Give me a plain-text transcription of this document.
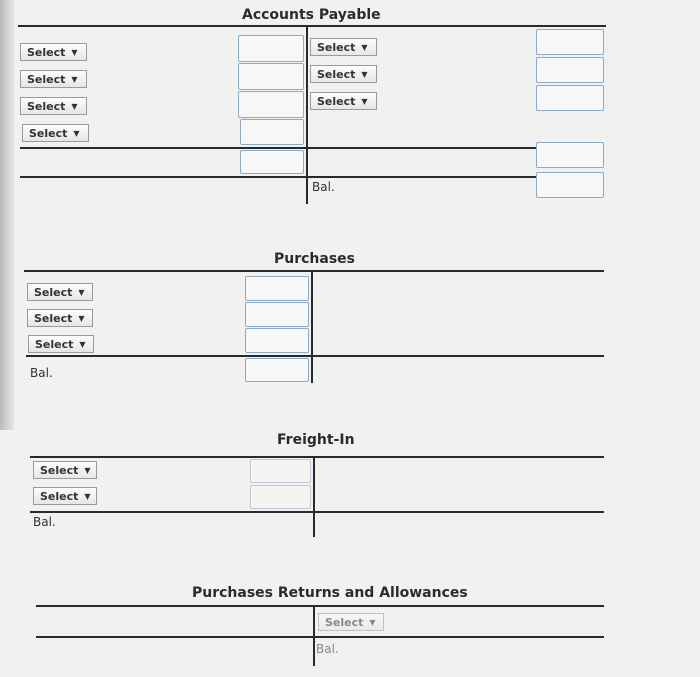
Accounts Payable
Select ▼
Select ▼
Select ▼
Select ▼
Select ▼
Select ▼
Select ▼
Bal.
Purchases
Select ▼
Select ▼
Select ▼
Bal.
Freight-In
Select ▼
Select ▼
Bal.
Purchases Returns and Allowances
Select ▼
Bal.
